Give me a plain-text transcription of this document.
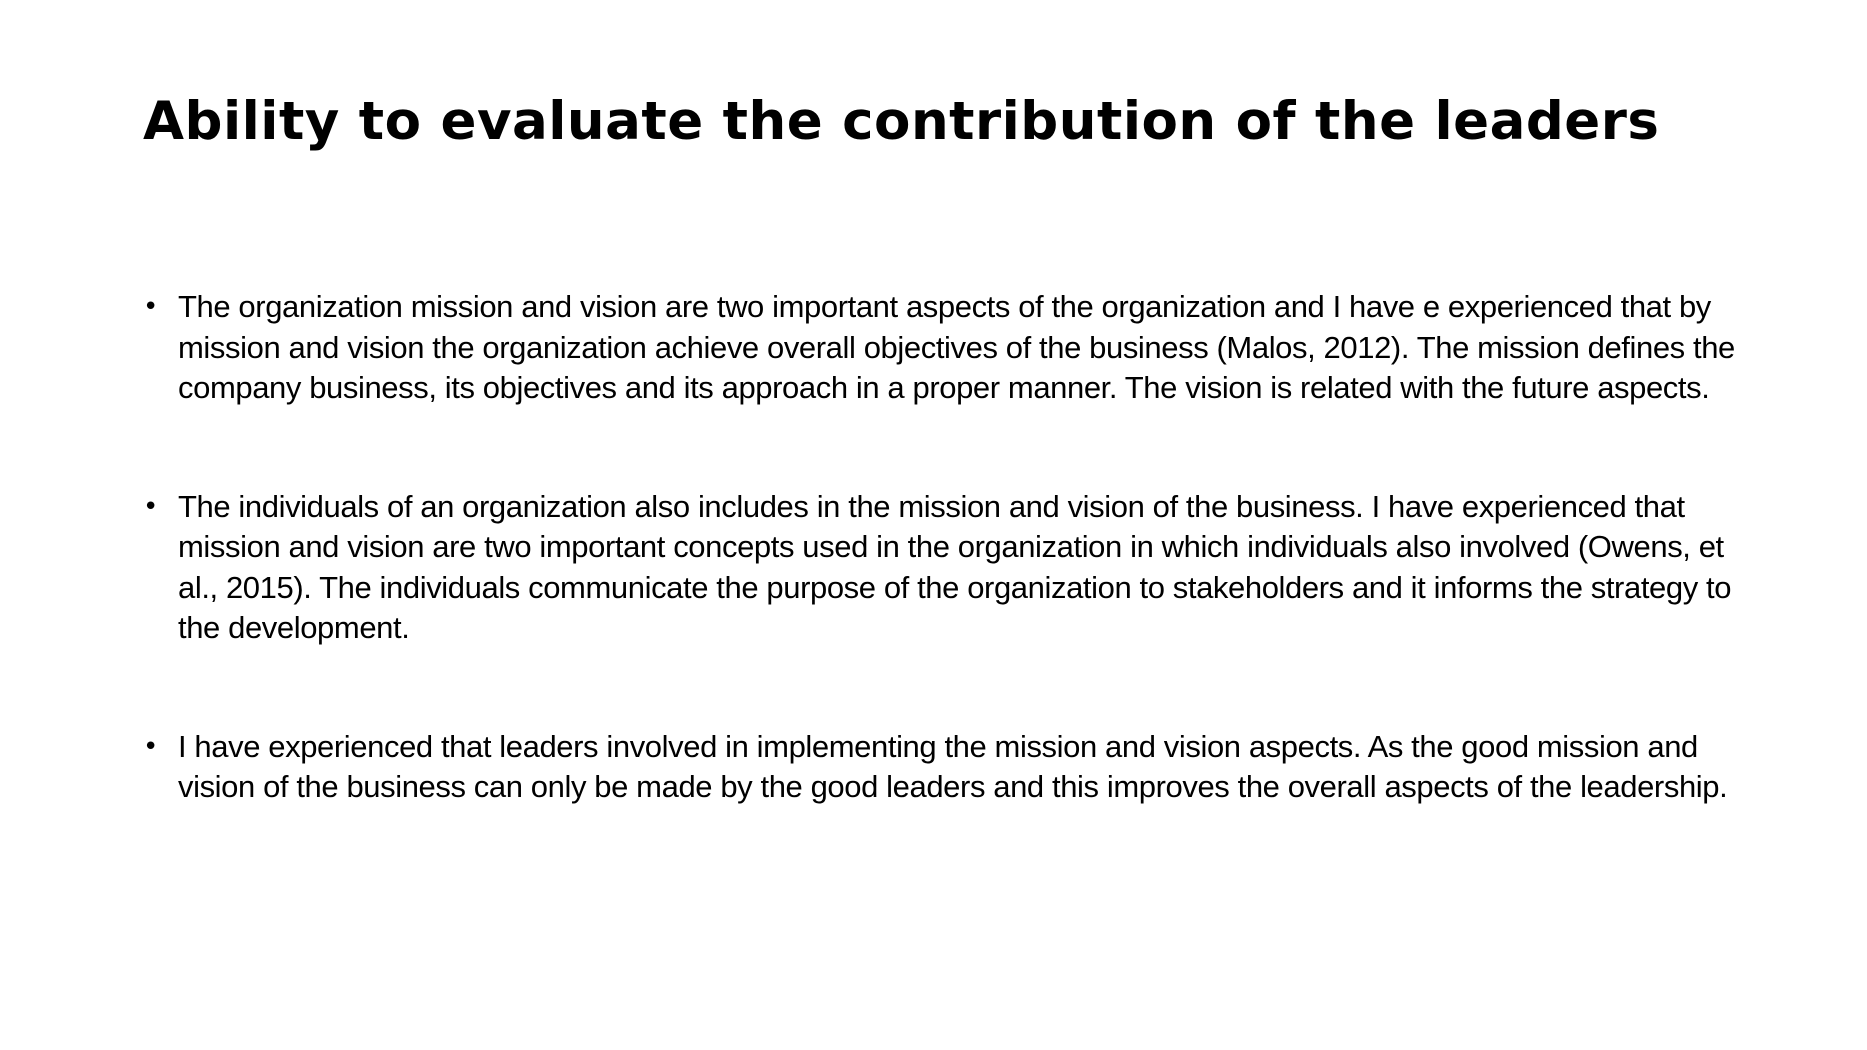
Ability to evaluate the contribution of the leaders
• The organization mission and vision are two important aspects of the organization and I have e experienced that by mission and vision the organization achieve overall objectives of the business (Malos, 2012). The mission defines the company business, its objectives and its approach in a proper manner. The vision is related with the future aspects.
• The individuals of an organization also includes in the mission and vision of the business. I have experienced that mission and vision are two important concepts used in the organization in which individuals also involved (Owens, et al., 2015). The individuals communicate the purpose of the organization to stakeholders and it informs the strategy to the development.
• I have experienced that leaders involved in implementing the mission and vision aspects. As the good mission and vision of the business can only be made by the good leaders and this improves the overall aspects of the leadership.
